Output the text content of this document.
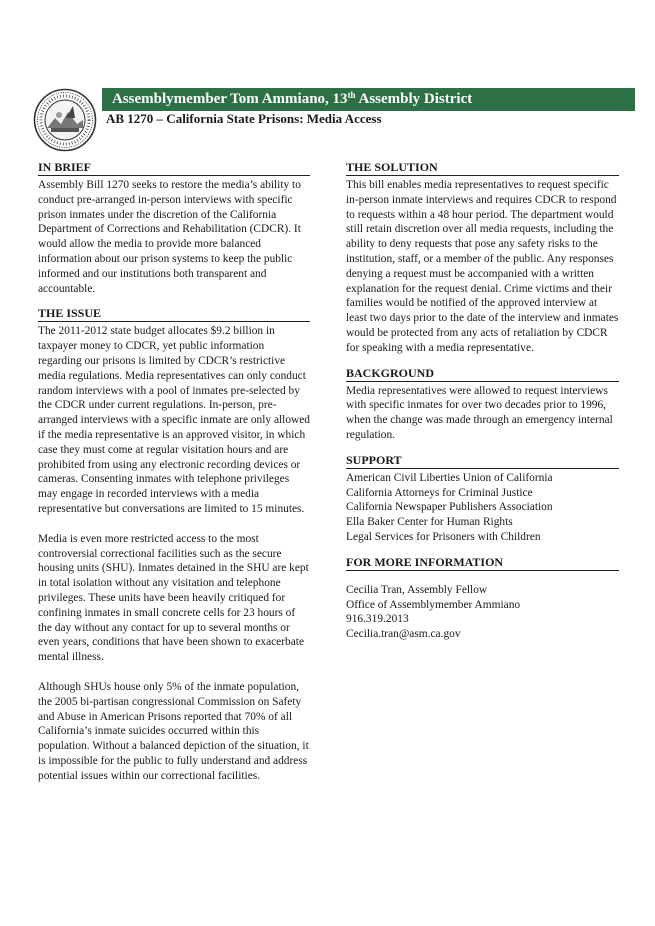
Assemblymember Tom Ammiano, 13th Assembly District
AB 1270 – California State Prisons: Media Access
IN BRIEF

Assembly Bill 1270 seeks to restore the media’s ability to conduct pre-arranged in-person interviews with specific prison inmates under the discretion of the California Department of Corrections and Rehabilitation (CDCR). It would allow the media to provide more balanced information about our prison systems to keep the public informed and our institutions both transparent and accountable.

THE ISSUE

The 2011-2012 state budget allocates $9.2 billion in taxpayer money to CDCR, yet public information regarding our prisons is limited by CDCR’s restrictive media regulations. Media representatives can only conduct random interviews with a pool of inmates pre-selected by the CDCR under current regulations. In-person, pre-arranged interviews with a specific inmate are only allowed if the media representative is an approved visitor, in which case they must come at regular visitation hours and are prohibited from using any electronic recording devices or cameras. Consenting inmates with telephone privileges may engage in recorded interviews with a media representative but conversations are limited to 15 minutes.

Media is even more restricted access to the most controversial correctional facilities such as the secure housing units (SHU). Inmates detained in the SHU are kept in total isolation without any visitation and telephone privileges. These units have been heavily critiqued for confining inmates in small concrete cells for 23 hours of the day without any contact for up to several months or even years, conditions that have been shown to exacerbate mental illness.

Although SHUs house only 5% of the inmate population, the 2005 bi-partisan congressional Commission on Safety and Abuse in American Prisons reported that 70% of all California’s inmate suicides occurred within this population. Without a balanced depiction of the situation, it is impossible for the public to fully understand and address potential issues within our correctional facilities.

THE SOLUTION

This bill enables media representatives to request specific in-person inmate interviews and requires CDCR to respond to requests within a 48 hour period. The department would still retain discretion over all media requests, including the ability to deny requests that pose any safety risks to the institution, staff, or a member of the public. Any responses denying a request must be accompanied with a written explanation for the request denial. Crime victims and their families would be notified of the approved interview at least two days prior to the date of the interview and inmates would be protected from any acts of retaliation by CDCR for speaking with a media representative.

BACKGROUND

Media representatives were allowed to request interviews with specific inmates for over two decades prior to 1996, when the change was made through an emergency internal regulation.

SUPPORT
American Civil Liberties Union of California
California Attorneys for Criminal Justice
California Newspaper Publishers Association
Ella Baker Center for Human Rights
Legal Services for Prisoners with Children
FOR MORE INFORMATION
Cecilia Tran, Assembly Fellow
Office of Assemblymember Ammiano
916.319.2013
Cecilia.tran@asm.ca.gov
